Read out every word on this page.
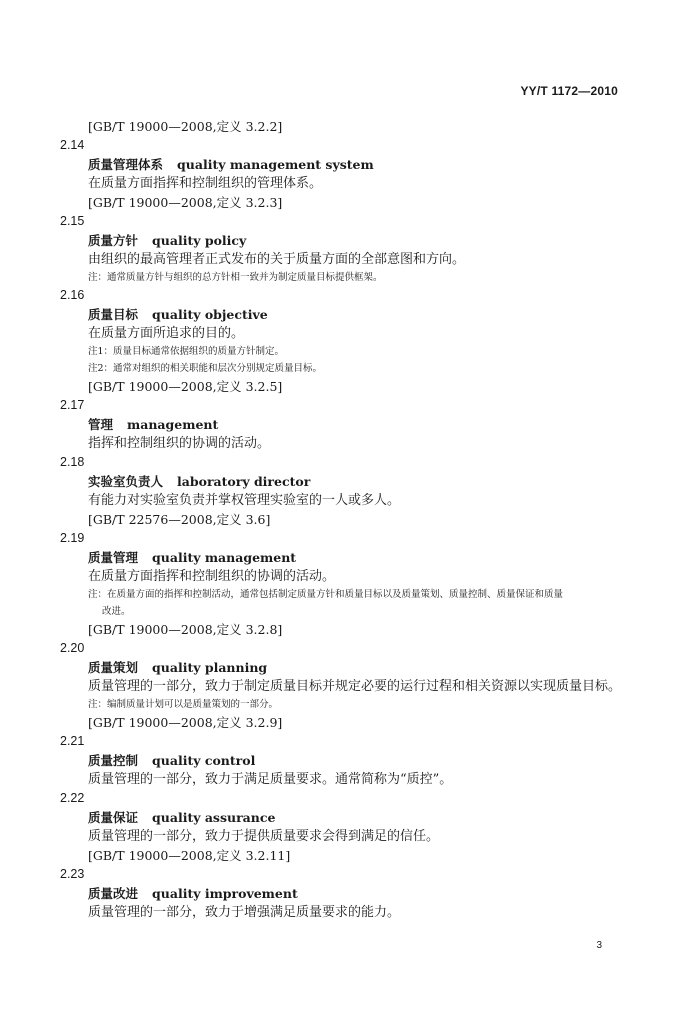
YY/T 1172—2010
[GB/T 19000—2008,定义 3.2.2]
2.14
质量管理体系 quality management system
在质量方面指挥和控制组织的管理体系。
[GB/T 19000—2008,定义 3.2.3]
2.15
质量方针 quality policy
由组织的最高管理者正式发布的关于质量方面的全部意图和方向。
注：通常质量方针与组织的总方针相一致并为制定质量目标提供框架。
2.16
质量目标 quality objective
在质量方面所追求的目的。
注1：质量目标通常依据组织的质量方针制定。
注2：通常对组织的相关职能和层次分别规定质量目标。
[GB/T 19000—2008,定义 3.2.5]
2.17
管理 management
指挥和控制组织的协调的活动。
2.18
实验室负责人 laboratory director
有能力对实验室负责并掌权管理实验室的一人或多人。
[GB/T 22576—2008,定义 3.6]
2.19
质量管理 quality management
在质量方面指挥和控制组织的协调的活动。
注：在质量方面的指挥和控制活动，通常包括制定质量方针和质量目标以及质量策划、质量控制、质量保证和质量
改进。
[GB/T 19000—2008,定义 3.2.8]
2.20
质量策划 quality planning
质量管理的一部分，致力于制定质量目标并规定必要的运行过程和相关资源以实现质量目标。
注：编制质量计划可以是质量策划的一部分。
[GB/T 19000—2008,定义 3.2.9]
2.21
质量控制 quality control
质量管理的一部分，致力于满足质量要求。通常简称为“质控”。
2.22
质量保证 quality assurance
质量管理的一部分，致力于提供质量要求会得到满足的信任。
[GB/T 19000—2008,定义 3.2.11]
2.23
质量改进 quality improvement
质量管理的一部分，致力于增强满足质量要求的能力。
3
